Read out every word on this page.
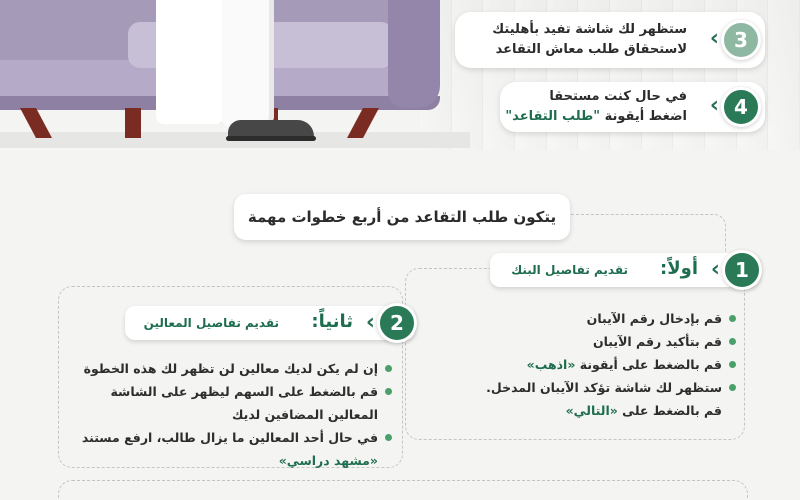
ستظهر لك شاشة تفيد بأهليتك
لاستحقاق طلب معاش التقاعد ‹ 3
في حال كنت مستحقا
اضغط أيقونة "طلب التقاعد"	‹ 4
يتكون طلب التقاعد من أربع خطوات مهمة
أولاً:
تقديم تفاصيل البنك	‹ 1
قم بإدخال رقم الآيبان
قم بتأكيد رقم الآيبان
قم بالضغط على أيقونة «اذهب»
ستظهر لك شاشة تؤكد الآيبان المدخل.
قم بالضغط على «التالي»
ثانياً:
تقديم تفاصيل المعالين	‹ 2
إن لم يكن لديك معالين لن تظهر لك هذه الخطوة
قم بالضغط على السهم ليظهر على الشاشة
المعالين المضافين لديك
في حال أحد المعالين ما يزال طالب، ارفع مستند
«مشهد دراسي»
